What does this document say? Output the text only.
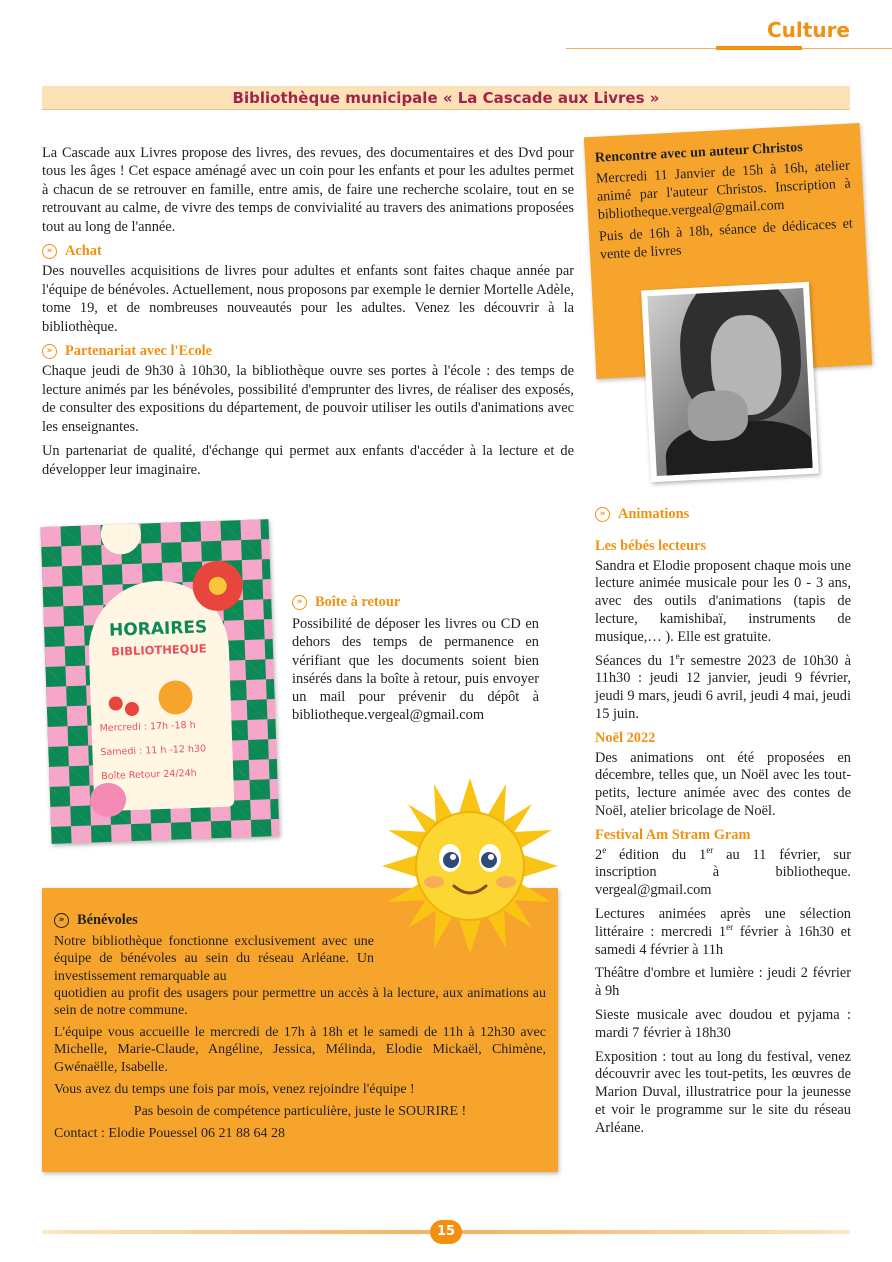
Culture
Bibliothèque municipale « La Cascade aux Livres »

La Cascade aux Livres propose des livres, des revues, des documentaires et des Dvd pour tous les âges ! Cet espace aménagé avec un coin pour les enfants et pour les adultes permet à chacun de se retrouver en famille, entre amis, de faire une recherche scolaire, tout en se retrouvant au calme, de vivre des temps de convivialité au travers des animations proposées tout au long de l'année.

» Achat

Des nouvelles acquisitions de livres pour adultes et enfants sont faites chaque année par l'équipe de bénévoles. Actuellement, nous proposons par exemple le dernier Mortelle Adèle, tome 19, et de nombreuses nouveautés pour les adultes. Venez les découvrir à la bibliothèque.

» Partenariat avec l'Ecole

Chaque jeudi de 9h30 à 10h30, la bibliothèque ouvre ses portes à l'école : des temps de lecture animés par les bénévoles, possibilité d'emprunter des livres, de réaliser des exposés, de consulter des expositions du département, de pouvoir utiliser les outils d'animations avec les enseignantes.

Un partenariat de qualité, d'échange qui permet aux enfants d'accéder à la lecture et de développer leur imaginaire.

Rencontre avec un auteur Christos

Mercredi 11 Janvier de 15h à 16h, atelier animé par l'auteur Christos. Inscription à bibliotheque.vergeal@gmail.com

Puis de 16h à 18h, séance de dédicaces et vente de livres

HORAIRES
BIBLIOTHEQUE
Mercredi : 17h -18 h
Samedi : 11 h -12 h30
Boîte Retour 24/24h
» Boîte à retour

Possibilité de déposer les livres ou CD en dehors des temps de permanence en vérifiant que les documents soient bien insérés dans la boîte à retour, puis envoyer un mail pour prévenir du dépôt à bibliotheque.vergeal@gmail.com

» Animations
Les bébés lecteurs

Sandra et Elodie proposent chaque mois une lecture animée musicale pour les 0 - 3 ans, avec des outils d'animations (tapis de lecture, kamishibaï, instruments de musique,… ). Elle est gratuite.

Séances du 1er semestre 2023 de 10h30 à 11h30 : jeudi 12 janvier, jeudi 9 février, jeudi 9 mars, jeudi 6 avril, jeudi 4 mai, jeudi 15 juin.

Noël 2022

Des animations ont été proposées en décembre, telles que, un Noël avec les tout-petits, lecture animée avec des contes de Noël, atelier bricolage de Noël.

Festival Am Stram Gram

2e édition du 1er au 11 février, sur inscription à bibliotheque. vergeal@gmail.com

Lectures animées après une sélection littéraire : mercredi 1er février à 16h30 et samedi 4 février à 11h

Théâtre d'ombre et lumière : jeudi 2 février à 9h

Sieste musicale avec doudou et pyjama : mardi 7 février à 18h30

Exposition : tout au long du festival, venez découvrir avec les tout-petits, les œuvres de Marion Duval, illustratrice pour la jeunesse et voir le programme sur le site du réseau Arléane.

» Bénévoles

Notre bibliothèque fonctionne exclusivement avec une équipe de bénévoles au sein du réseau Arléane. Un investissement remarquable au

quotidien au profit des usagers pour permettre un accès à la lecture, aux animations au sein de notre commune.

L'équipe vous accueille le mercredi de 17h à 18h et le samedi de 11h à 12h30 avec Michelle, Marie-Claude, Angéline, Jessica, Mélinda, Elodie Mickaël, Chimène, Gwénaëlle, Isabelle.

Vous avez du temps une fois par mois, venez rejoindre l'équipe !

Pas besoin de compétence particulière, juste le SOURIRE !

Contact : Elodie Pouessel 06 21 88 64 28

15
